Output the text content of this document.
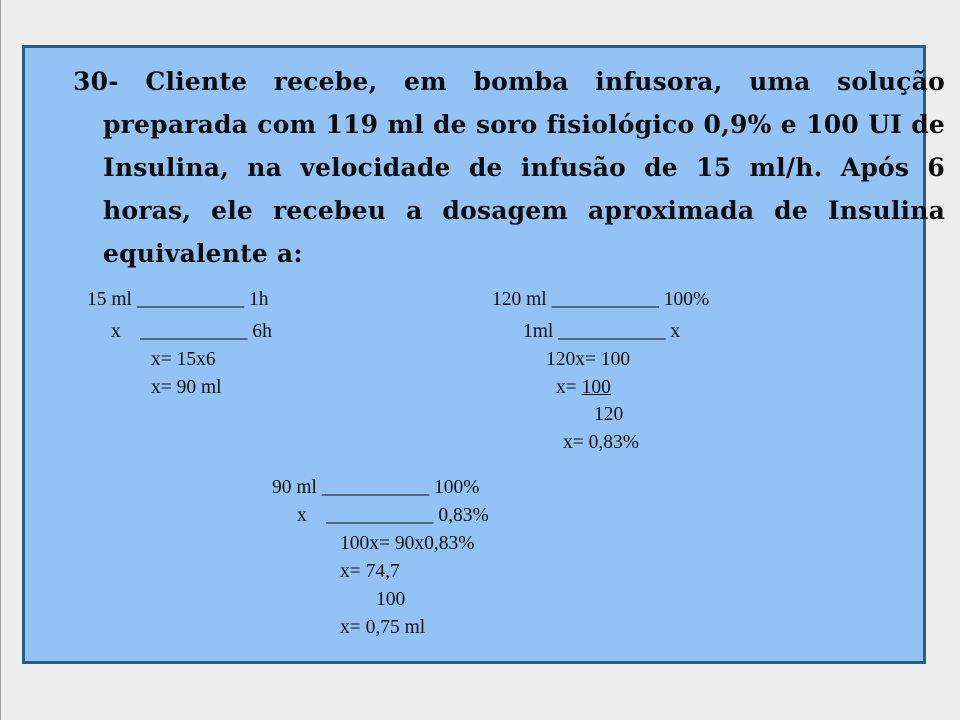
30- Cliente recebe, em bomba infusora, uma solução preparada com 119 ml de soro fisiológico 0,9% e 100 UI de Insulina, na velocidade de infusão de 15 ml/h. Após 6 horas, ele recebeu a dosagem aproximada de Insulina equivalente a:
15 ml ___________ 1h
x    ___________ 6h
x= 15x6
x= 90 ml
120 ml ___________ 100%
1ml ___________ x
120x= 100
x= 100
120
x= 0,83%
90 ml ___________ 100%
x    ___________ 0,83%
100x= 90x0,83%
x= 74,7
100
x= 0,75 ml
